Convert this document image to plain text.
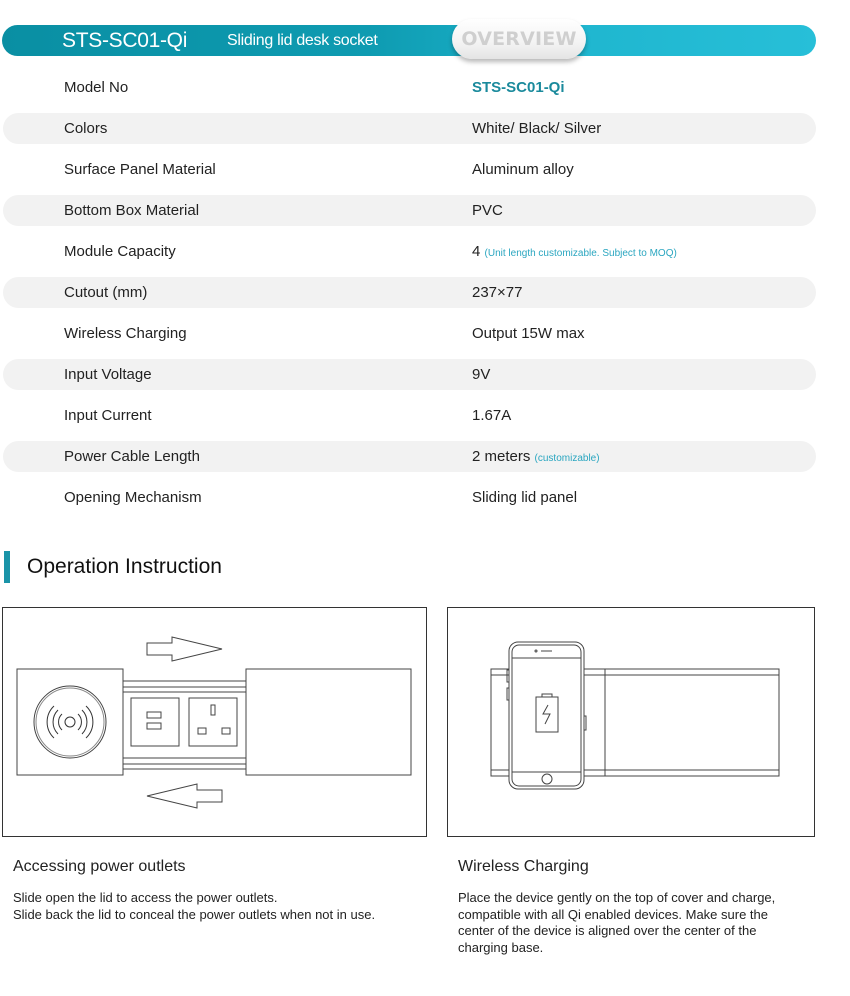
STS-SC01-Qi Sliding lid desk socket	OVERVIEW
Model No	STS-SC01-Qi
Colors	White/ Black/ Silver
Surface Panel Material	Aluminum alloy
Bottom Box Material	PVC
Module Capacity	4 (Unit length customizable. Subject to MOQ)
Cutout (mm)	237×77
Wireless Charging	Output 15W max
Input Voltage	9V
Input Current	1.67A
Power Cable Length	2 meters (customizable)
Opening Mechanism	Sliding lid panel
Operation Instruction
Accessing power outlets
Slide open the lid to access the power outlets.
Slide back the lid to conceal the power outlets when not in use.
Wireless Charging
Place the device gently on the top of cover and charge,
compatible with all Qi enabled devices. Make sure the
center of the device is aligned over the center of the
charging base.
